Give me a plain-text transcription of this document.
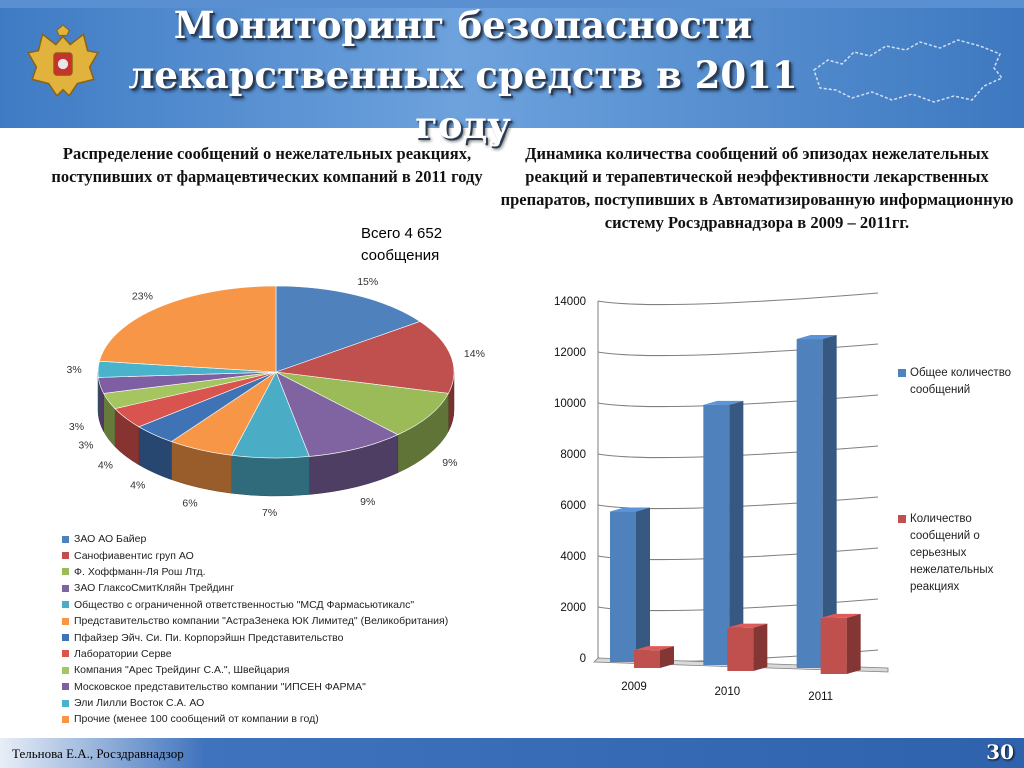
Мониторинг безопасности лекарственных средств в 2011 году
Распределение сообщений о нежелательных реакциях, поступивших от фармацевтических компаний в 2011 году
Динамика количества сообщений об эпизодах нежелательных реакций и терапевтической неэффективности лекарственных препаратов, поступивших в Автоматизированную информационную систему Росздравнадзора в 2009 – 2011гг.
Всего 4 652 сообщения
15%
14%
9%
9%
7%
6%
4%
4%
3%
3%
3%
23%
ЗАО АО Байер
Санофиавентис груп АО
Ф. Хоффманн-Ля Рош Лтд.
ЗАО ГлаксоСмитКляйн Трейдинг
Общество с ограниченной ответственностью "МСД Фармасьютикалс"
Представительство компании "АстраЗенека ЮК Лимитед" (Великобритания)
Пфайзер Эйч. Си. Пи. Корпорэйшн Представительство
Лаборатории Серве
Компания "Арес Трейдинг С.А.", Швейцария
Московское представительство компании "ИПСЕН ФАРМА"
Эли Лилли Восток С.А. АО
Прочие (менее 100 сообщений от компании в год)
0
2000
4000
6000
8000
10000
12000
14000
2009	2010	2011
Общее количество сообщений
Количество сообщений о серьезных нежелательных реакциях
Тельнова Е.А., Росздравнадзор	30
